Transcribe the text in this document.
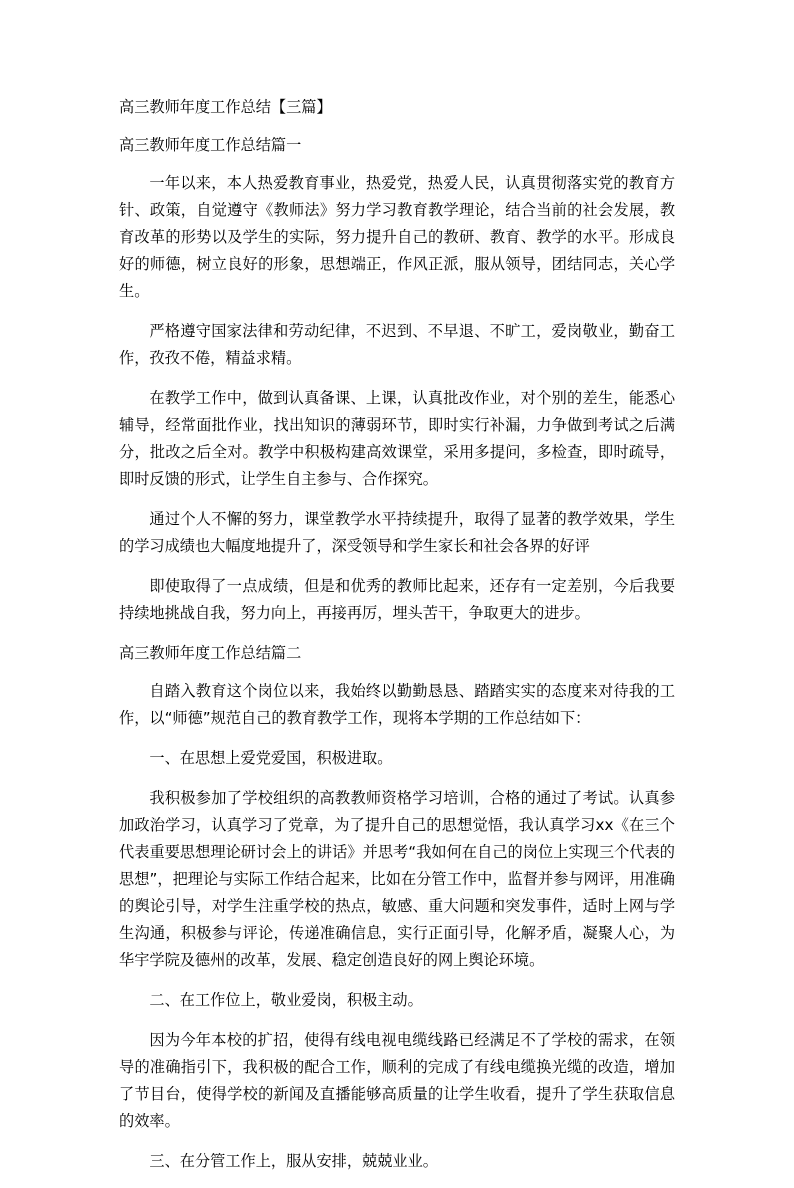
高三教师年度工作总结【三篇】

高三教师年度工作总结篇一

一年以来，本人热爱教育事业，热爱党，热爱人民，认真贯彻落实党的教育方针、政策，自觉遵守《教师法》努力学习教育教学理论，结合当前的社会发展，教育改革的形势以及学生的实际，努力提升自己的教研、教育、教学的水平。形成良好的师德，树立良好的形象，思想端正，作风正派，服从领导，团结同志，关心学生。

严格遵守国家法律和劳动纪律，不迟到、不早退、不旷工，爱岗敬业，勤奋工作，孜孜不倦，精益求精。

在教学工作中，做到认真备课、上课，认真批改作业，对个别的差生，能悉心辅导，经常面批作业，找出知识的薄弱环节，即时实行补漏，力争做到考试之后满分，批改之后全对。教学中积极构建高效课堂，采用多提问，多检查，即时疏导，即时反馈的形式，让学生自主参与、合作探究。

通过个人不懈的努力，课堂教学水平持续提升，取得了显著的教学效果，学生的学习成绩也大幅度地提升了，深受领导和学生家长和社会各界的好评

即使取得了一点成绩，但是和优秀的教师比起来，还存有一定差别，今后我要持续地挑战自我，努力向上，再接再厉，埋头苦干，争取更大的进步。

高三教师年度工作总结篇二

自踏入教育这个岗位以来，我始终以勤勤恳恳、踏踏实实的态度来对待我的工作，以“师德”规范自己的教育教学工作，现将本学期的工作总结如下：

一、在思想上爱党爱国，积极进取。

我积极参加了学校组织的高教教师资格学习培训，合格的通过了考试。认真参加政治学习，认真学习了党章，为了提升自己的思想觉悟，我认真学习xx《在三个代表重要思想理论研讨会上的讲话》并思考“我如何在自己的岗位上实现三个代表的思想”，把理论与实际工作结合起来，比如在分管工作中，监督并参与网评，用准确的舆论引导，对学生注重学校的热点，敏感、重大问题和突发事件，适时上网与学生沟通，积极参与评论，传递准确信息，实行正面引导，化解矛盾，凝聚人心，为华宇学院及德州的改革，发展、稳定创造良好的网上舆论环境。

二、在工作位上，敬业爱岗，积极主动。

因为今年本校的扩招，使得有线电视电缆线路已经满足不了学校的需求，在领导的准确指引下，我积极的配合工作，顺利的完成了有线电缆换光缆的改造，增加了节目台，使得学校的新闻及直播能够高质量的让学生收看，提升了学生获取信息的效率。

三、在分管工作上，服从安排，兢兢业业。
